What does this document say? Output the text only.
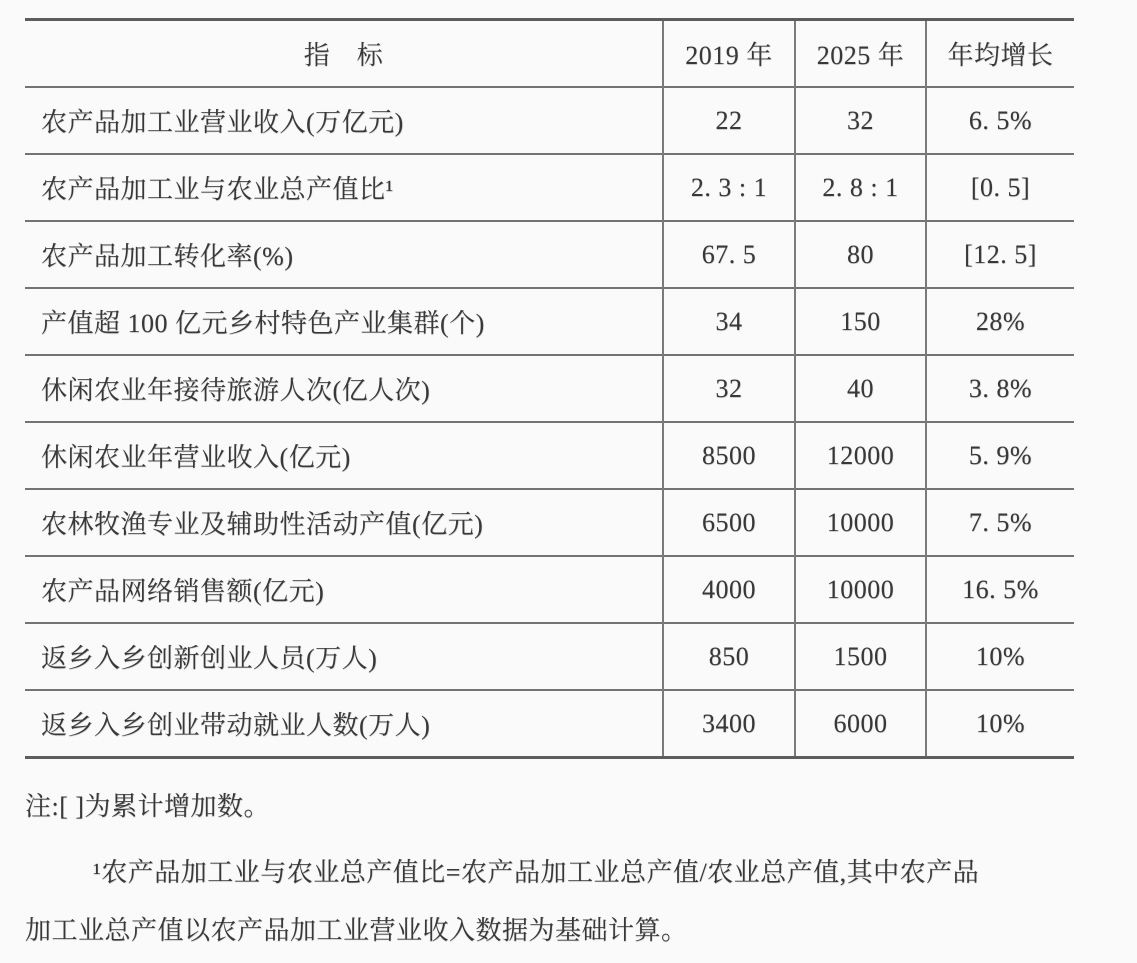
指　标	2019 年	2025 年	年均增长
农产品加工业营业收入(万亿元)	22	32	6. 5%
农产品加工业与农业总产值比¹	2. 3 : 1	2. 8 : 1	[0. 5]
农产品加工转化率(%)	67. 5	80	[12. 5]
产值超 100 亿元乡村特色产业集群(个)	34	150	28%
休闲农业年接待旅游人次(亿人次)	32	40	3. 8%
休闲农业年营业收入(亿元)	8500	12000	5. 9%
农林牧渔专业及辅助性活动产值(亿元)	6500	10000	7. 5%
农产品网络销售额(亿元)	4000	10000	16. 5%
返乡入乡创新创业人员(万人)	850	1500	10%
返乡入乡创业带动就业人数(万人)	3400	6000	10%

注:[ ]为累计增加数。

¹农产品加工业与农业总产值比=农产品加工业总产值/农业总产值,其中农产品
加工业总产值以农产品加工业营业收入数据为基础计算。
